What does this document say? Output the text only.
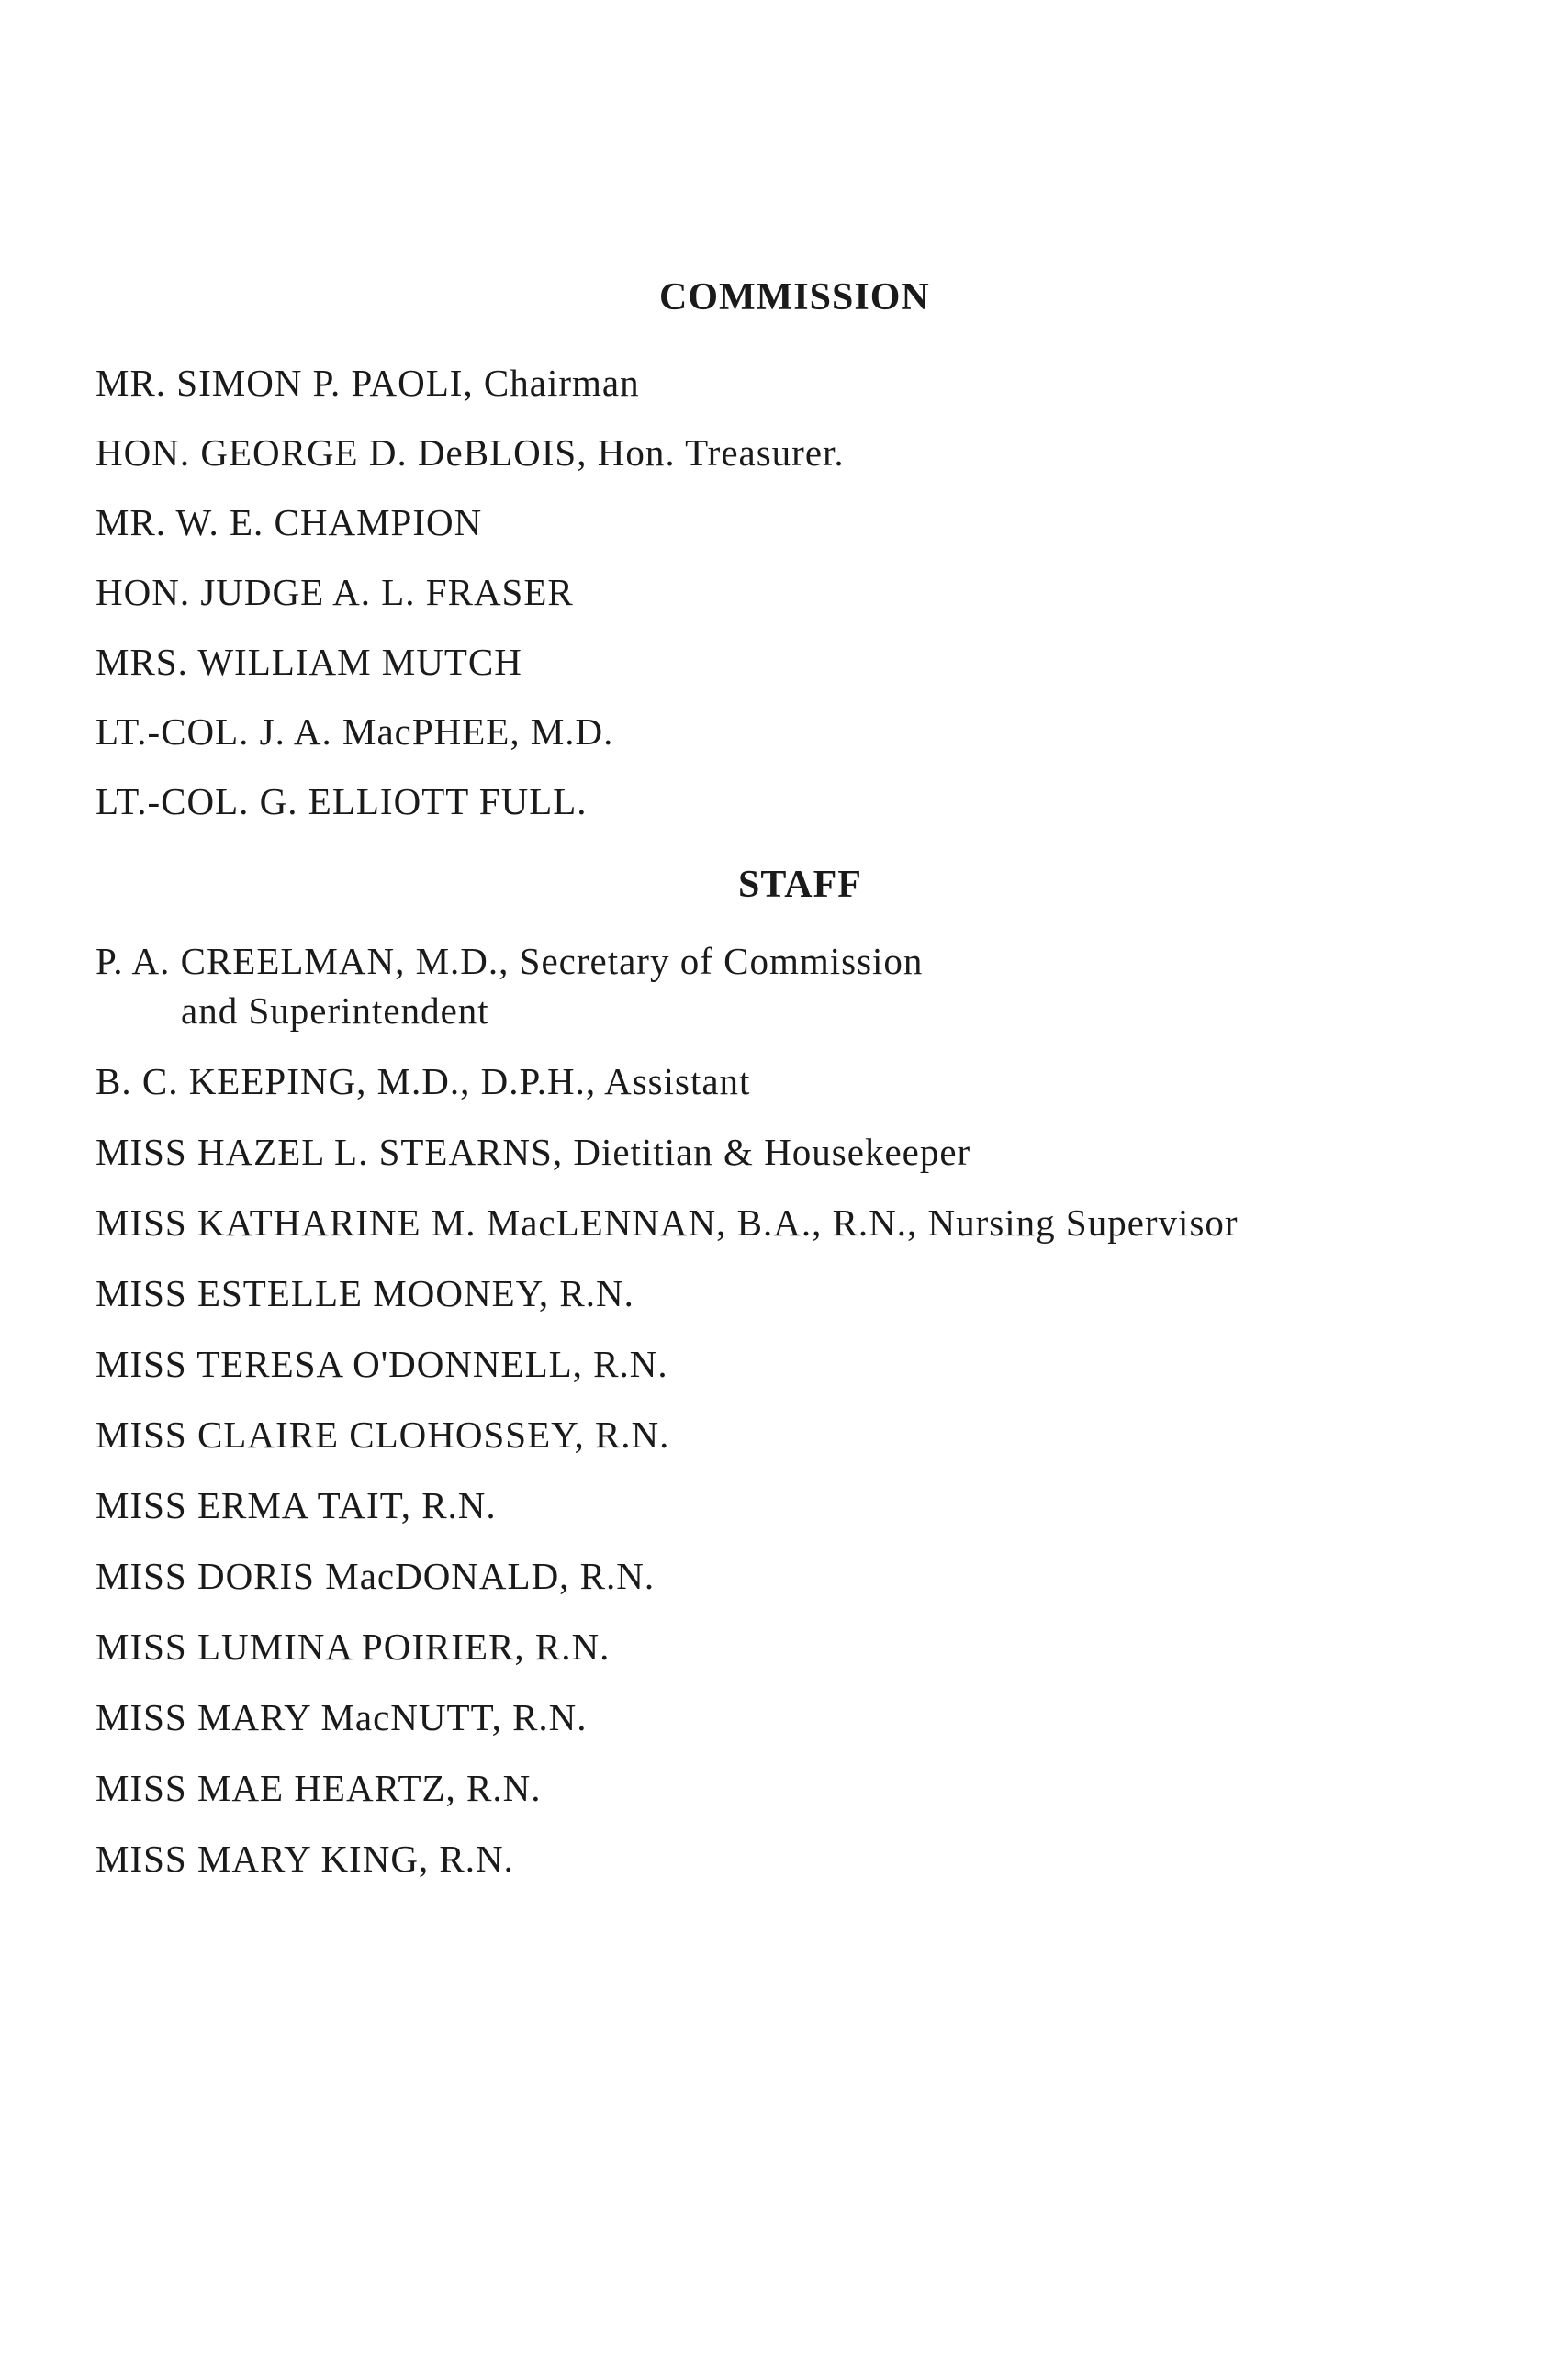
COMMISSION

MR. SIMON P. PAOLI, Chairman

HON. GEORGE D. DeBLOIS, Hon. Treasurer.

MR. W. E. CHAMPION

HON. JUDGE A. L. FRASER

MRS. WILLIAM MUTCH

LT.-COL. J. A. MacPHEE, M.D.

LT.-COL. G. ELLIOTT FULL.

STAFF

P. A. CREELMAN, M.D., Secretary of Commission
and Superintendent

B. C. KEEPING, M.D., D.P.H., Assistant

MISS HAZEL L. STEARNS, Dietitian & Housekeeper

MISS KATHARINE M. MacLENNAN, B.A., R.N., Nursing Supervisor

MISS ESTELLE MOONEY, R.N.

MISS TERESA O'DONNELL, R.N.

MISS CLAIRE CLOHOSSEY, R.N.

MISS ERMA TAIT, R.N.

MISS DORIS MacDONALD, R.N.

MISS LUMINA POIRIER, R.N.

MISS MARY MacNUTT, R.N.

MISS MAE HEARTZ, R.N.

MISS MARY KING, R.N.
